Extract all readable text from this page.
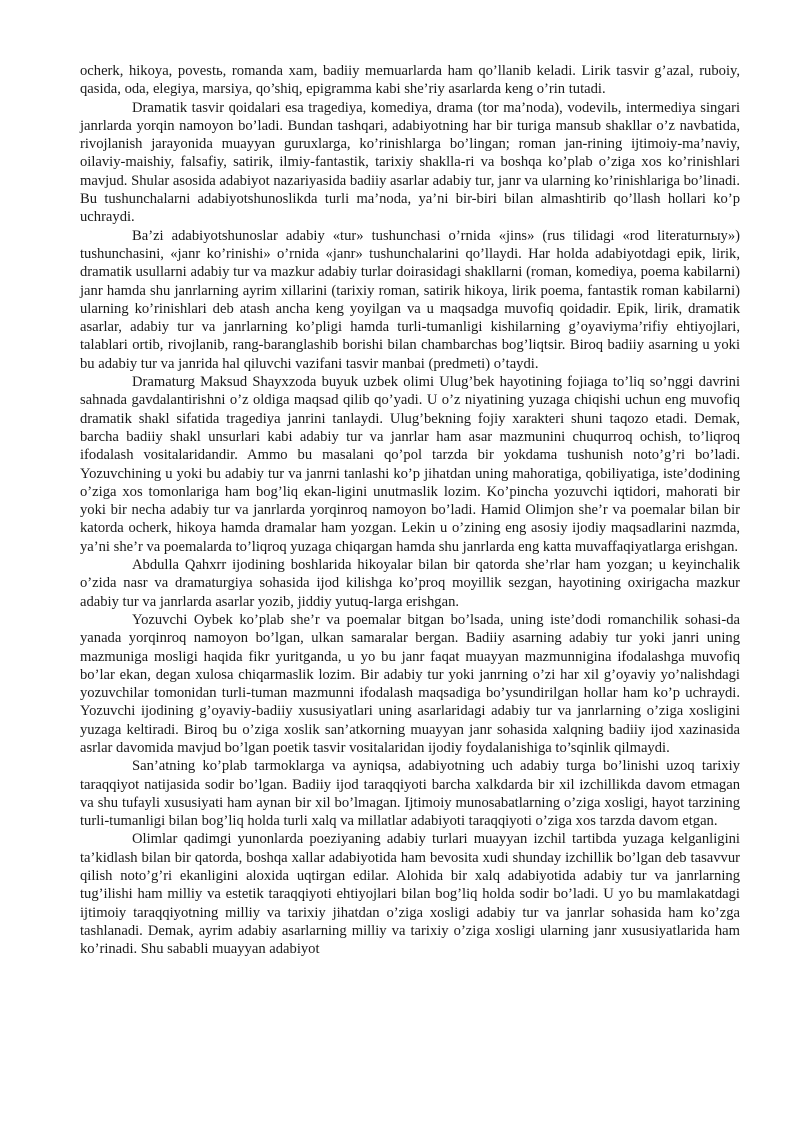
ocherk, hikoya, povestь, romanda xam, badiiy memuarlarda ham qo’llanib keladi. Lirik tasvir g’azal, ruboiy, qasida, oda, elegiya, marsiya, qo’shiq, epigramma kabi she’riy asarlarda keng o’rin tutadi.

Dramatik tasvir qoidalari esa tragediya, komediya, drama (tor ma’noda), vodevilь, intermediya singari janrlarda yorqin namoyon bo’ladi. Bundan tashqari, adabiyotning har bir turiga mansub shakllar o’z navbatida, rivojlanish jarayonida muayyan guruxlarga, ko’rinishlarga bo’lingan; roman jan-rining ijtimoiy-ma’naviy, oilaviy-maishiy, falsafiy, satirik, ilmiy-fantastik, tarixiy shaklla-ri va boshqa ko’plab o’ziga xos ko’rinishlari mavjud. Shular asosida adabiyot nazariyasida badiiy asarlar adabiy tur, janr va ularning ko’rinishlariga bo’linadi. Bu tushunchalarni adabiyotshunoslikda turli ma’noda, ya’ni bir-biri bilan almashtirib qo’llash hollari ko’p uchraydi.

Ba’zi adabiyotshunoslar adabiy «tur» tushunchasi o’rnida «jins» (rus tilidagi «rod literaturnыy») tushunchasini, «janr ko’rinishi» o’rnida «janr» tushunchalarini qo’llaydi. Har holda adabiyotdagi epik, lirik, dramatik usullarni adabiy tur va mazkur adabiy turlar doirasidagi shakllarni (roman, komediya, poema kabilarni) janr hamda shu janrlarning ayrim xillarini (tarixiy roman, satirik hikoya, lirik poema, fantastik roman kabilarni) ularning ko’rinishlari deb atash ancha keng yoyilgan va u maqsadga muvofiq qoidadir. Epik, lirik, dramatik asarlar, adabiy tur va janrlarning ko’pligi hamda turli-tumanligi kishilarning g’oyaviyma’rifiy ehtiyojlari, talablari ortib, rivojlanib, rang-baranglashib borishi bilan chambarchas bog’liqtsir. Biroq badiiy asarning u yoki bu adabiy tur va janrida hal qiluvchi vazifani tasvir manbai (predmeti) o’taydi.

Dramaturg Maksud Shayxzoda buyuk uzbek olimi Ulug’bek hayotining fojiaga to’liq so’nggi davrini sahnada gavdalantirishni o’z oldiga maqsad qilib qo’yadi. U o’z niyatining yuzaga chiqishi uchun eng muvofiq dramatik shakl sifatida tragediya janrini tanlaydi. Ulug’bekning fojiy xarakteri shuni taqozo etadi. Demak, barcha badiiy shakl unsurlari kabi adabiy tur va janrlar ham asar mazmunini chuqurroq ochish, to’liqroq ifodalash vositalaridandir. Ammo bu masalani qo’pol tarzda bir yokdama tushunish noto’g’ri bo’ladi. Yozuvchining u yoki bu adabiy tur va janrni tanlashi ko’p jihatdan uning mahoratiga, qobiliyatiga, iste’dodining o’ziga xos tomonlariga ham bog’liq ekan-ligini unutmaslik lozim. Ko’pincha yozuvchi iqtidori, mahorati bir yoki bir necha adabiy tur va janrlarda yorqinroq namoyon bo’ladi. Hamid Olimjon she’r va poemalar bilan bir katorda ocherk, hikoya hamda dramalar ham yozgan. Lekin u o’zining eng asosiy ijodiy maqsadlarini nazmda, ya’ni she’r va poemalarda to’liqroq yuzaga chiqargan hamda shu janrlarda eng katta muvaffaqiyatlarga erishgan.

Abdulla Qahxrr ijodining boshlarida hikoyalar bilan bir qatorda she’rlar ham yozgan; u keyinchalik o’zida nasr va dramaturgiya sohasida ijod kilishga ko’proq moyillik sezgan, hayotining oxirigacha mazkur adabiy tur va janrlarda asarlar yozib, jiddiy yutuq-larga erishgan.

Yozuvchi Oybek ko’plab she’r va poemalar bitgan bo’lsada, uning iste’dodi romanchilik sohasi-da yanada yorqinroq namoyon bo’lgan, ulkan samaralar bergan. Badiiy asarning adabiy tur yoki janri uning mazmuniga mosligi haqida fikr yuritganda, u yo bu janr faqat muayyan mazmunnigina ifodalashga muvofiq bo’lar ekan, degan xulosa chiqarmaslik lozim. Bir adabiy tur yoki janrning o’zi har xil g’oyaviy yo’nalishdagi yozuvchilar tomonidan turli-tuman mazmunni ifodalash maqsadiga bo’ysundirilgan hollar ham ko’p uchraydi. Yozuvchi ijodining g’oyaviy-badiiy xususiyatlari uning asarlaridagi adabiy tur va janrlarning o’ziga xosligini yuzaga keltiradi. Biroq bu o’ziga xoslik san’atkorning muayyan janr sohasida xalqning badiiy ijod xazinasida asrlar davomida mavjud bo’lgan poetik tasvir vositalaridan ijodiy foydalanishiga to’sqinlik qilmaydi.

San’atning ko’plab tarmoklarga va ayniqsa, adabiyotning uch adabiy turga bo’linishi uzoq tarixiy taraqqiyot natijasida sodir bo’lgan. Badiiy ijod taraqqiyoti barcha xalkdarda bir xil izchillikda davom etmagan va shu tufayli xususiyati ham aynan bir xil bo’lmagan. Ijtimoiy munosabatlarning o’ziga xosligi, hayot tarzining turli-tumanligi bilan bog’liq holda turli xalq va millatlar adabiyoti taraqqiyoti o’ziga xos tarzda davom etgan.

Olimlar qadimgi yunonlarda poeziyaning adabiy turlari muayyan izchil tartibda yuzaga kelganligini ta’kidlash bilan bir qatorda, boshqa xallar adabiyotida ham bevosita xudi shunday izchillik bo’lgan deb tasavvur qilish noto’g’ri ekanligini aloxida uqtirgan edilar. Alohida bir xalq adabiyotida adabiy tur va janrlarning tug’ilishi ham milliy va estetik taraqqiyoti ehtiyojlari bilan bog’liq holda sodir bo’ladi. U yo bu mamlakatdagi ijtimoiy taraqqiyotning milliy va tarixiy jihatdan o’ziga xosligi adabiy tur va janrlar sohasida ham ko’zga tashlanadi. Demak, ayrim adabiy asarlarning milliy va tarixiy o’ziga xosligi ularning janr xususiyatlarida ham ko’rinadi. Shu sababli muayyan adabiyot
